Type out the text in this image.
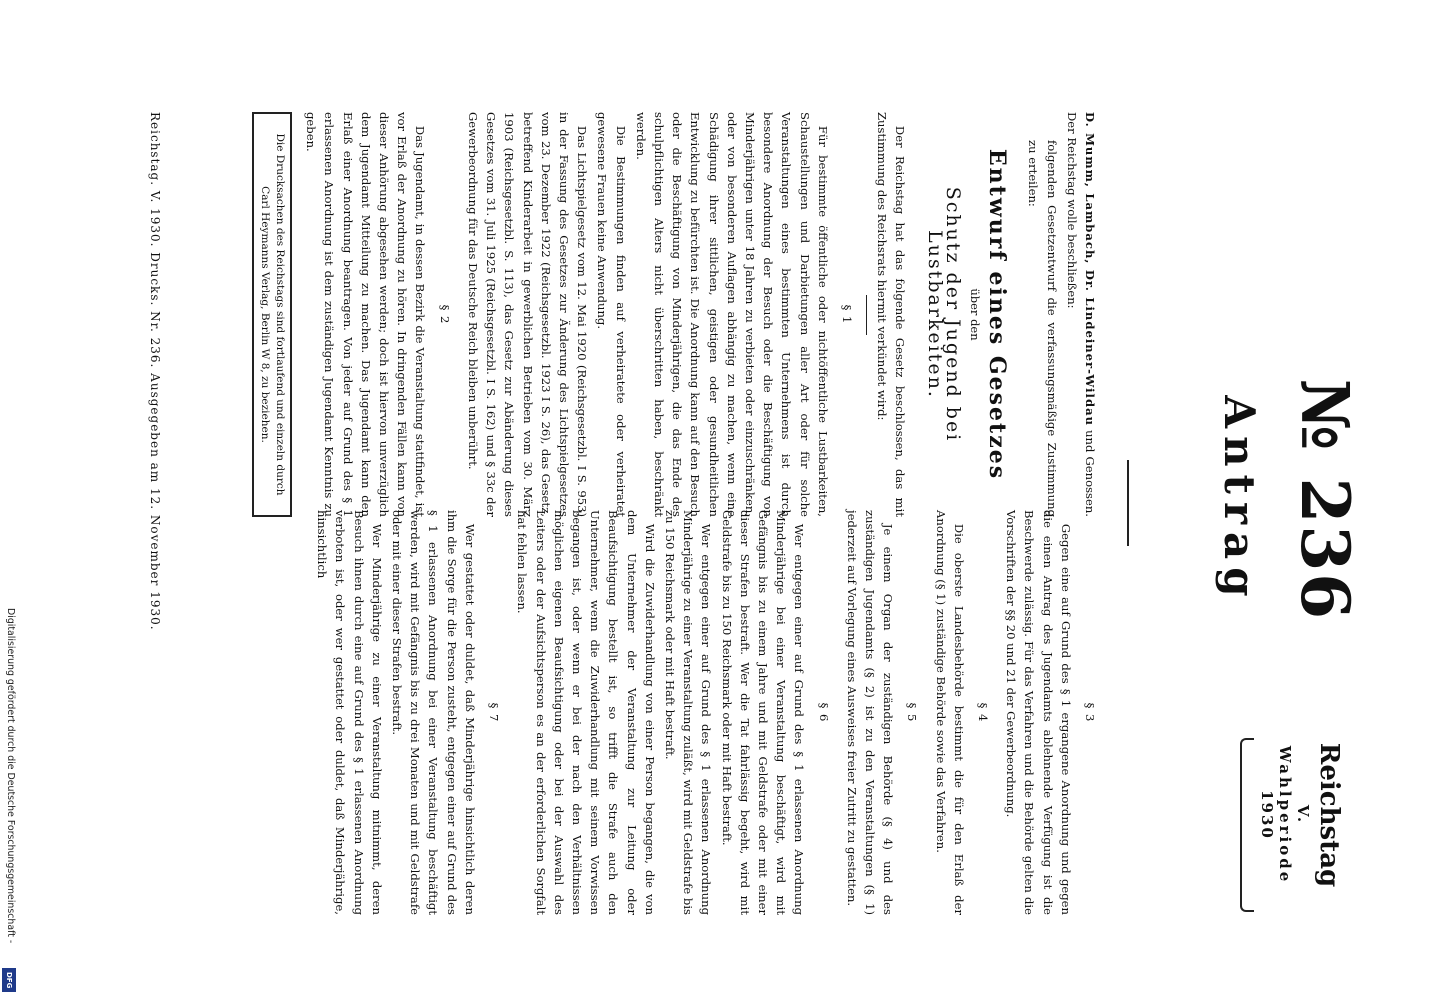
№ 236
Antrag
Reichstag
V. Wahlperiode
1930

D. Mumm, Lambach, Dr. Lindeiner-Wildau und Genossen. Der Reichstag wolle beschließen:

folgenden Gesetzentwurf die verfassungsmäßige Zustimmung zu erteilen:

Entwurf eines Gesetzes
über den
Schutz der Jugend bei Lustbarkeiten.

Der Reichstag hat das folgende Gesetz beschlossen, das mit Zustimmung des Reichsrats hiermit verkündet wird:

§ 1

Für bestimmte öffentliche oder nichtöffentliche Lustbarkeiten, Schaustellungen und Darbietungen aller Art oder für solche Veranstaltungen eines bestimmten Unternehmens ist durch besondere Anordnung der Besuch oder die Beschäftigung von Minderjährigen unter 18 Jahren zu verbieten oder einzuschränken, oder von besonderen Auflagen abhängig zu machen, wenn eine Schädigung ihrer sittlichen, geistigen oder gesundheitlichen Entwicklung zu befürchten ist. Die Anordnung kann auf den Besuch oder die Beschäftigung von Minderjährigen, die das Ende des schulpflichtigen Alters nicht überschritten haben, beschränkt werden.

Die Bestimmungen finden auf verheiratete oder verheiratet gewesene Frauen keine Anwendung.

Das Lichtspielgesetz vom 12. Mai 1920 (Reichsgesetzbl. I S. 953) in der Fassung des Gesetzes zur Änderung des Lichtspielgesetzes vom 23. Dezember 1922 (Reichsgesetzbl. 1923 I S. 26), das Gesetz, betreffend Kinderarbeit in gewerblichen Betrieben vom 30. März 1903 (Reichsgesetzbl. S. 113), das Gesetz zur Abänderung dieses Gesetzes vom 31. Juli 1925 (Reichsgesetzbl. I S. 162) und § 33c der Gewerbeordnung für das Deutsche Reich bleiben unberührt.

§ 2

Das Jugendamt, in dessen Bezirk die Veranstaltung stattfindet, ist vor Erlaß der Anordnung zu hören. In dringenden Fällen kann von dieser Anhörung abgesehen werden; doch ist hiervon unverzüglich dem Jugendamt Mitteilung zu machen. Das Jugendamt kann den Erlaß einer Anordnung beantragen. Von jeder auf Grund des § 1 erlassenen Anordnung ist dem zuständigen Jugendamt Kenntnis zu geben.

Die Drucksachen des Reichstags sind fortlaufend und einzeln durch Carl Heymanns Verlag, Berlin W 8, zu beziehen.
§ 3

Gegen eine auf Grund des § 1 ergangene Anordnung und gegen die einen Antrag des Jugendamts ablehnende Verfügung ist die Beschwerde zulässig. Für das Verfahren und die Behörde gelten die Vorschriften der §§ 20 und 21 der Gewerbeordnung.

§ 4

Die oberste Landesbehörde bestimmt die für den Erlaß der Anordnung (§ 1) zuständige Behörde sowie das Verfahren.

§ 5

Je einem Organ der zuständigen Behörde (§ 4) und des zuständigen Jugendamts (§ 2) ist zu den Veranstaltungen (§ 1) jederzeit auf Vorlegung eines Ausweises freier Zutritt zu gestatten.

§ 6

Wer entgegen einer auf Grund des § 1 erlassenen Anordnung Minderjährige bei einer Veranstaltung beschäftigt, wird mit Gefängnis bis zu einem Jahre und mit Geldstrafe oder mit einer dieser Strafen bestraft. Wer die Tat fahrlässig begeht, wird mit Geldstrafe bis zu 150 Reichsmark oder mit Haft bestraft.

Wer entgegen einer auf Grund des § 1 erlassenen Anordnung Minderjährige zu einer Veranstaltung zuläßt, wird mit Geldstrafe bis zu 150 Reichsmark oder mit Haft bestraft.

Wird die Zuwiderhandlung von einer Person begangen, die von dem Unternehmer der Veranstaltung zur Leitung oder Beaufsichtigung bestellt ist, so trifft die Strafe auch den Unternehmer, wenn die Zuwiderhandlung mit seinem Vorwissen begangen ist, oder wenn er bei der nach den Verhältnissen möglichen eigenen Beaufsichtigung oder bei der Auswahl des Leiters oder der Aufsichtsperson es an der erforderlichen Sorgfalt hat fehlen lassen.

§ 7

Wer gestattet oder duldet, daß Minderjährige hinsichtlich deren ihm die Sorge für die Person zusteht, entgegen einer auf Grund des § 1 erlassenen Anordnung bei einer Veranstaltung beschäftigt werden, wird mit Gefängnis bis zu drei Monaten und mit Geldstrafe oder mit einer dieser Strafen bestraft.

Wer Minderjährige zu einer Veranstaltung mitnimmt, deren Besuch ihnen durch eine auf Grund des § 1 erlassenen Anordnung verboten ist, oder wer gestattet oder duldet, daß Minderjährige, hinsichtlich

Reichstag. V. 1930. Drucks. Nr. 236. Ausgegeben am 12. November 1930.
Digitalisierung gefördert durch die Deutsche Forschungsgemeinschaft -
DFG
